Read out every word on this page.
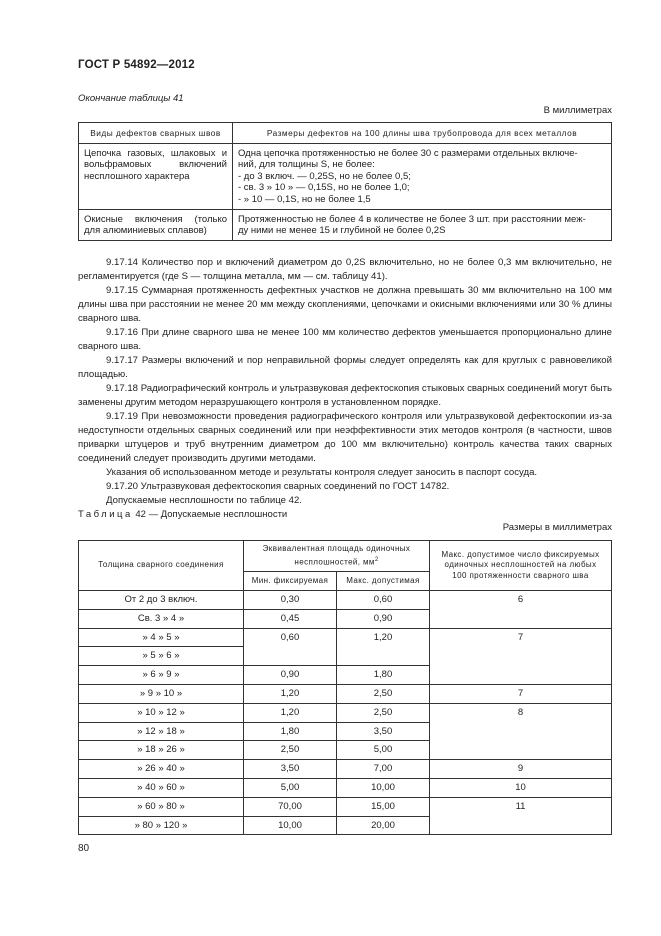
ГОСТ Р 54892—2012
Окончание таблицы 41
В миллиметрах
Виды дефектов сварных швов	Размеры дефектов на 100 длины шва трубопровода для всех металлов
Цепочка газовых, шлаковых и вольфрамовых включений несплошного характера	Одна цепочка протяженностью не более 30 с размерами отдельных включе-
ний, для толщины S, не более:
- до 3 включ. — 0,25S, но не более 0,5;
- св. 3 » 10 » — 0,15S, но не более 1,0;
- » 10 — 0,1S, но не более 1,5

Окисные включения (только для алюминиевых сплавов)	Протяженностью не более 4 в количестве не более 3 шт. при расстоянии меж-
ду ними не менее 15 и глубиной не более 0,2S

9.17.14 Количество пор и включений диаметром до 0,2S включительно, но не более 0,3 мм включительно, не регламентируется (где S — толщина металла, мм — см. таблицу 41).

9.17.15 Суммарная протяженность дефектных участков не должна превышать 30 мм включительно на 100 мм длины шва при расстоянии не менее 20 мм между скоплениями, цепочками и окисными включениями или 30 % длины сварного шва.

9.17.16 При длине сварного шва не менее 100 мм количество дефектов уменьшается пропорционально длине сварного шва.

9.17.17 Размеры включений и пор неправильной формы следует определять как для круглых с равновеликой площадью.

9.17.18 Радиографический контроль и ультразвуковая дефектоскопия стыковых сварных соединений могут быть заменены другим методом неразрушающего контроля в установленном порядке.

9.17.19 При невозможности проведения радиографического контроля или ультразвуковой дефектоскопии из-за недоступности отдельных сварных соединений или при неэффективности этих методов контроля (в частности, швов приварки штуцеров и труб внутренним диаметром до 100 мм включительно) контроль качества таких сварных соединений следует производить другими методами.

Указания об использованном методе и результаты контроля следует заносить в паспорт сосуда.

9.17.20 Ультразвуковая дефектоскопия сварных соединений по ГОСТ 14782.

Допускаемые несплошности по таблице 42.

Таблица 42 — Допускаемые несплошности
Размеры в миллиметрах
Толщина сварного соединения	Эквивалентная площадь одиночных несплошностей, $мм^2$		Макс. допустимое число фиксируемых одиночных несплошностей на любых 100 протяженности сварного шва
	Мин. фиксируемая	Макс. допустимая	
От 2 до 3 включ.	0,30	0,60	6
Св. 3 » 4 »	0,45	0,90	
» 4 » 5 »	0,60	1,20	7
» 5 » 6 »			
» 6 » 9 »	0,90	1,80	
» 9 » 10 »	1,20	2,50	7
» 10 » 12 »	1,20	2,50	8
» 12 » 18 »	1,80	3,50	
» 18 » 26 »	2,50	5,00	
» 26 » 40 »	3,50	7,00	9
» 40 » 60 »	5,00	10,00	10
» 60 » 80 »	70,00	15,00	11
» 80 » 120 »	10,00	20,00	
80
